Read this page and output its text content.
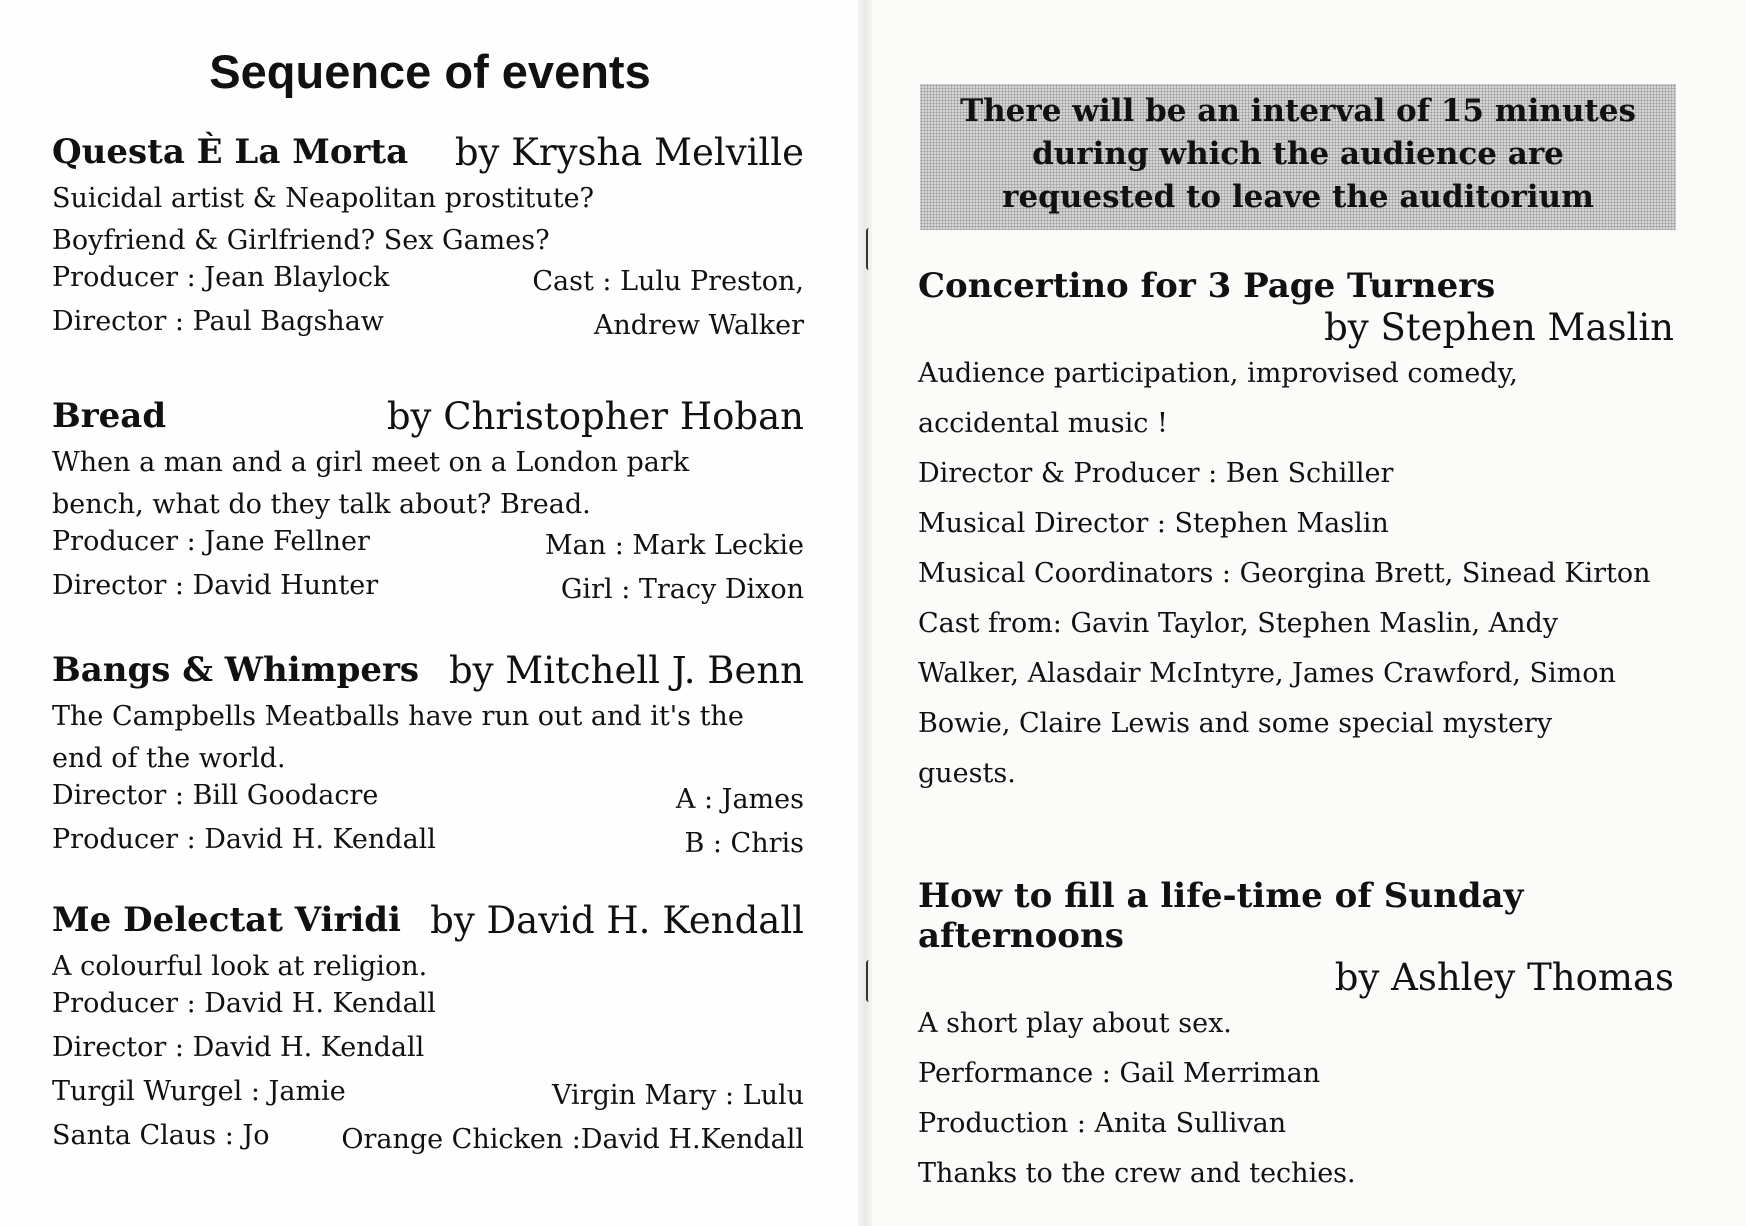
Sequence of events
Questa È La Morta by Krysha Melville
Suicidal artist & Neapolitan prostitute?
Boyfriend & Girlfriend? Sex Games?
Producer : Jean Blaylock	Cast : Lulu Preston,
Director : Paul Bagshaw	Andrew Walker
Bread	by Christopher Hoban
When a man and a girl meet on a London park
bench, what do they talk about? Bread.
Producer : Jane Fellner	Man : Mark Leckie
Director : David Hunter	Girl : Tracy Dixon
Bangs & Whimpers by Mitchell J. Benn
The Campbells Meatballs have run out and it's the
end of the world.
Director : Bill Goodacre	A : James
Producer : David H. Kendall	B : Chris
Me Delectat Viridi by David H. Kendall
A colourful look at religion.
Producer : David H. Kendall
Director : David H. Kendall
Turgil Wurgel : Jamie	Virgin Mary : Lulu
Santa Claus : Jo	Orange Chicken :David H.Kendall
There will be an interval of 15 minutes
during which the audience are
requested to leave the auditorium
Concertino for 3 Page Turners
by Stephen Maslin
Audience participation, improvised comedy,
accidental music !
Director & Producer : Ben Schiller
Musical Director : Stephen Maslin
Musical Coordinators : Georgina Brett, Sinead Kirton
Cast from: Gavin Taylor, Stephen Maslin, Andy
Walker, Alasdair McIntyre, James Crawford, Simon
Bowie, Claire Lewis and some special mystery
guests.
How to fill a life-time of Sunday afternoons
by Ashley Thomas
A short play about sex.
Performance : Gail Merriman
Production : Anita Sullivan
Thanks to the crew and techies.
